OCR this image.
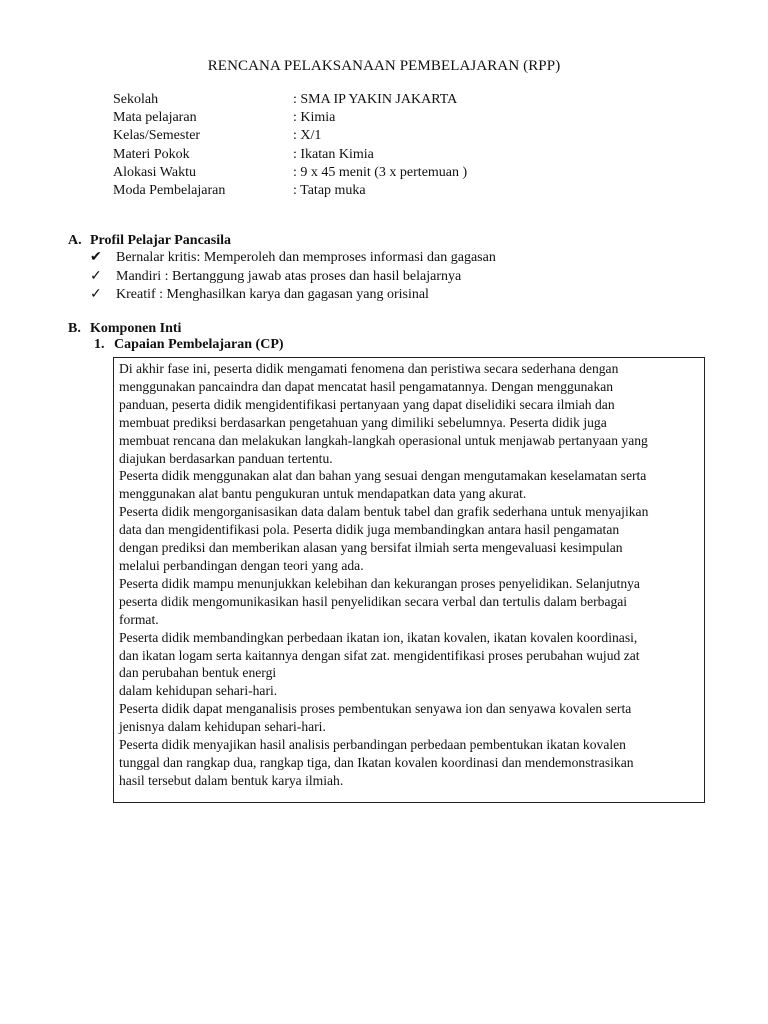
RENCANA PELAKSANAAN PEMBELAJARAN (RPP)
Sekolah	: SMA IP YAKIN JAKARTA
Mata pelajaran	: Kimia
Kelas/Semester	: X/1
Materi Pokok	: Ikatan Kimia
Alokasi Waktu	: 9 x 45 menit (3 x pertemuan )
Moda Pembelajaran	: Tatap muka
A. Profil Pelajar Pancasila
✔	Bernalar kritis: Memperoleh dan memproses informasi dan gagasan
✓	Mandiri : Bertanggung jawab atas proses dan hasil belajarnya
✓	Kreatif : Menghasilkan karya dan gagasan yang orisinal
B. Komponen Inti
1. Capaian Pembelajaran (CP)
Di akhir fase ini, peserta didik mengamati fenomena dan peristiwa secara sederhana dengan
menggunakan pancaindra dan dapat mencatat hasil pengamatannya. Dengan menggunakan
panduan, peserta didik mengidentifikasi pertanyaan yang dapat diselidiki secara ilmiah dan
membuat prediksi berdasarkan pengetahuan yang dimiliki sebelumnya. Peserta didik juga
membuat rencana dan melakukan langkah-langkah operasional untuk menjawab pertanyaan yang
diajukan berdasarkan panduan tertentu.
Peserta didik menggunakan alat dan bahan yang sesuai dengan mengutamakan keselamatan serta
menggunakan alat bantu pengukuran untuk mendapatkan data yang akurat.
Peserta didik mengorganisasikan data dalam bentuk tabel dan grafik sederhana untuk menyajikan
data dan mengidentifikasi pola. Peserta didik juga membandingkan antara hasil pengamatan
dengan prediksi dan memberikan alasan yang bersifat ilmiah serta mengevaluasi kesimpulan
melalui perbandingan dengan teori yang ada.
Peserta didik mampu menunjukkan kelebihan dan kekurangan proses penyelidikan. Selanjutnya
peserta didik mengomunikasikan hasil penyelidikan secara verbal dan tertulis dalam berbagai
format.
Peserta didik membandingkan perbedaan ikatan ion, ikatan kovalen, ikatan kovalen koordinasi,
dan ikatan logam serta kaitannya dengan sifat zat. mengidentifikasi proses perubahan wujud zat
dan perubahan bentuk energi
dalam kehidupan sehari-hari.
Peserta didik dapat menganalisis proses pembentukan senyawa ion dan senyawa kovalen serta
jenisnya dalam kehidupan sehari-hari.
Peserta didik menyajikan hasil analisis perbandingan perbedaan pembentukan ikatan kovalen
tunggal dan rangkap dua, rangkap tiga, dan Ikatan kovalen koordinasi dan mendemonstrasikan
hasil tersebut dalam bentuk karya ilmiah.
